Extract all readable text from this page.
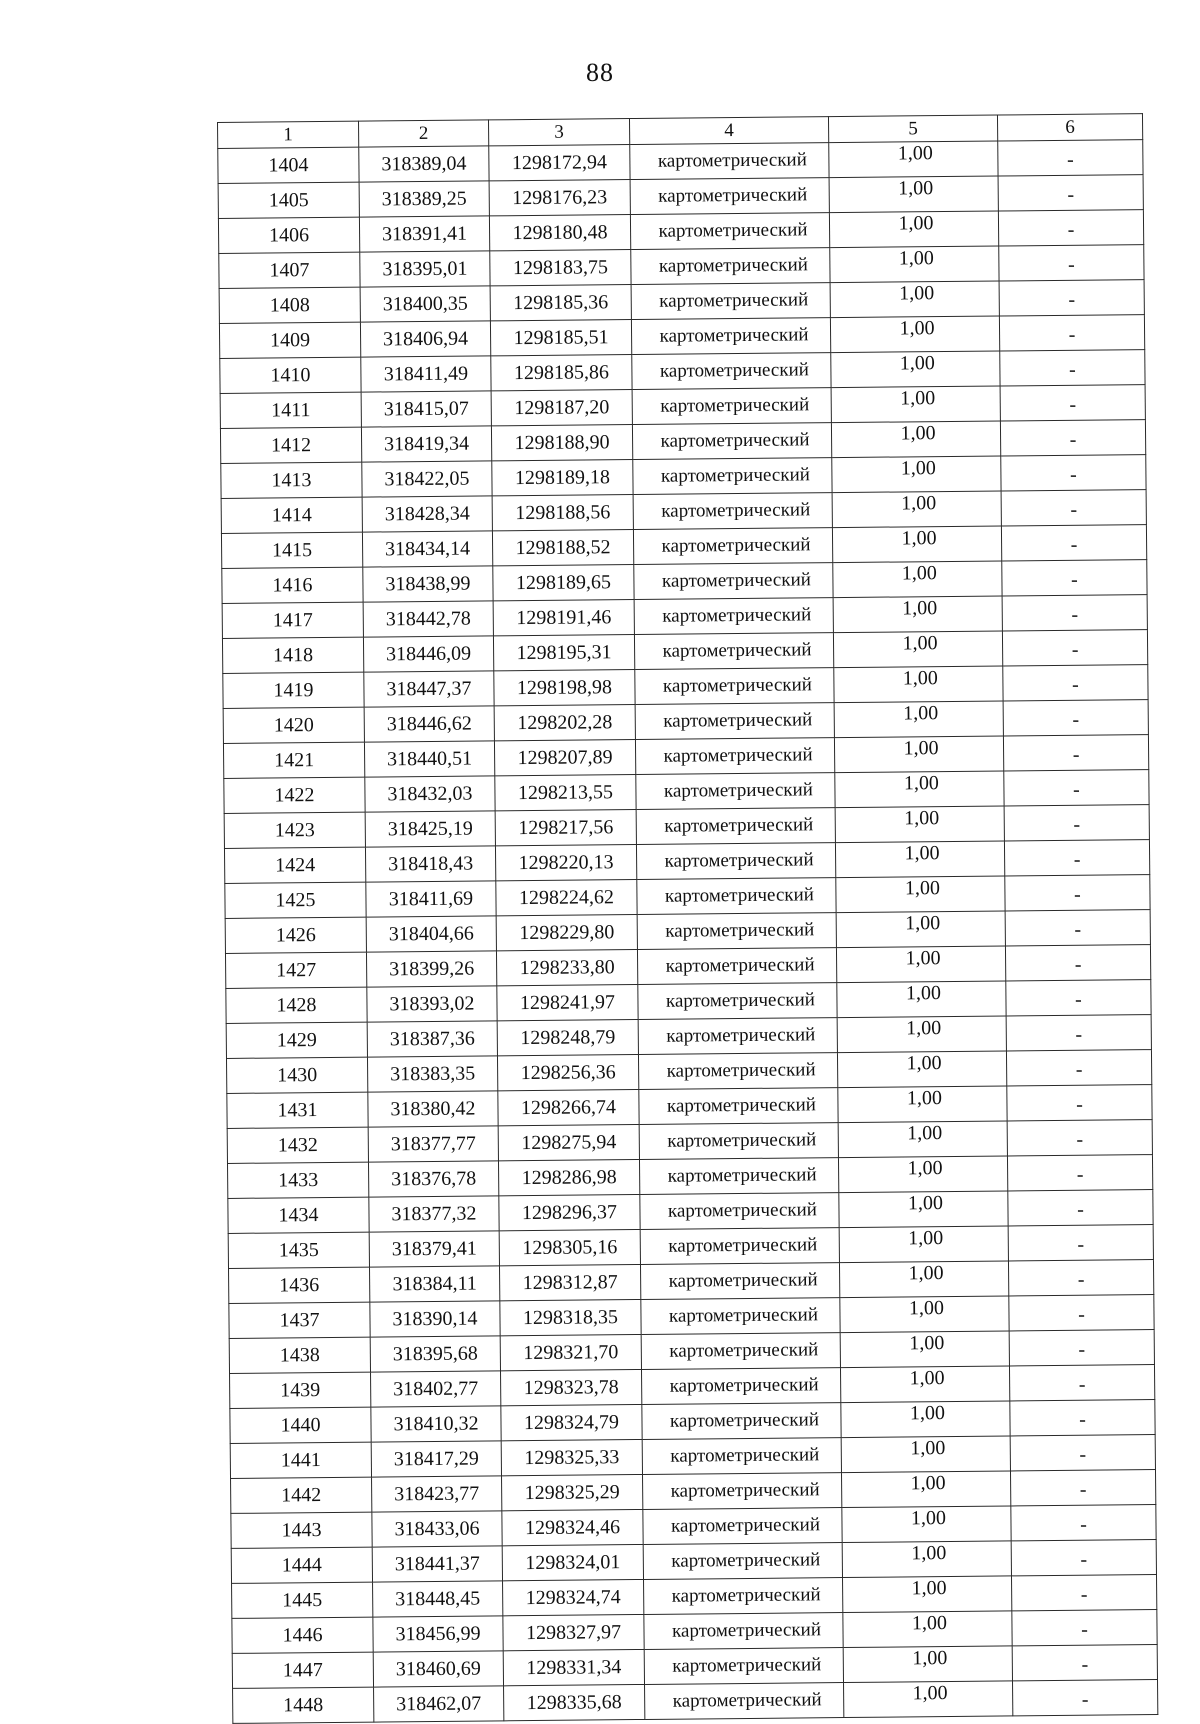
88
1	2	3	4	5	6
1404	318389,04	1298172,94	картометрический	1,00	-
1405	318389,25	1298176,23	картометрический	1,00	-
1406	318391,41	1298180,48	картометрический	1,00	-
1407	318395,01	1298183,75	картометрический	1,00	-
1408	318400,35	1298185,36	картометрический	1,00	-
1409	318406,94	1298185,51	картометрический	1,00	-
1410	318411,49	1298185,86	картометрический	1,00	-
1411	318415,07	1298187,20	картометрический	1,00	-
1412	318419,34	1298188,90	картометрический	1,00	-
1413	318422,05	1298189,18	картометрический	1,00	-
1414	318428,34	1298188,56	картометрический	1,00	-
1415	318434,14	1298188,52	картометрический	1,00	-
1416	318438,99	1298189,65	картометрический	1,00	-
1417	318442,78	1298191,46	картометрический	1,00	-
1418	318446,09	1298195,31	картометрический	1,00	-
1419	318447,37	1298198,98	картометрический	1,00	-
1420	318446,62	1298202,28	картометрический	1,00	-
1421	318440,51	1298207,89	картометрический	1,00	-
1422	318432,03	1298213,55	картометрический	1,00	-
1423	318425,19	1298217,56	картометрический	1,00	-
1424	318418,43	1298220,13	картометрический	1,00	-
1425	318411,69	1298224,62	картометрический	1,00	-
1426	318404,66	1298229,80	картометрический	1,00	-
1427	318399,26	1298233,80	картометрический	1,00	-
1428	318393,02	1298241,97	картометрический	1,00	-
1429	318387,36	1298248,79	картометрический	1,00	-
1430	318383,35	1298256,36	картометрический	1,00	-
1431	318380,42	1298266,74	картометрический	1,00	-
1432	318377,77	1298275,94	картометрический	1,00	-
1433	318376,78	1298286,98	картометрический	1,00	-
1434	318377,32	1298296,37	картометрический	1,00	-
1435	318379,41	1298305,16	картометрический	1,00	-
1436	318384,11	1298312,87	картометрический	1,00	-
1437	318390,14	1298318,35	картометрический	1,00	-
1438	318395,68	1298321,70	картометрический	1,00	-
1439	318402,77	1298323,78	картометрический	1,00	-
1440	318410,32	1298324,79	картометрический	1,00	-
1441	318417,29	1298325,33	картометрический	1,00	-
1442	318423,77	1298325,29	картометрический	1,00	-
1443	318433,06	1298324,46	картометрический	1,00	-
1444	318441,37	1298324,01	картометрический	1,00	-
1445	318448,45	1298324,74	картометрический	1,00	-
1446	318456,99	1298327,97	картометрический	1,00	-
1447	318460,69	1298331,34	картометрический	1,00	-
1448	318462,07	1298335,68	картометрический	1,00	-
